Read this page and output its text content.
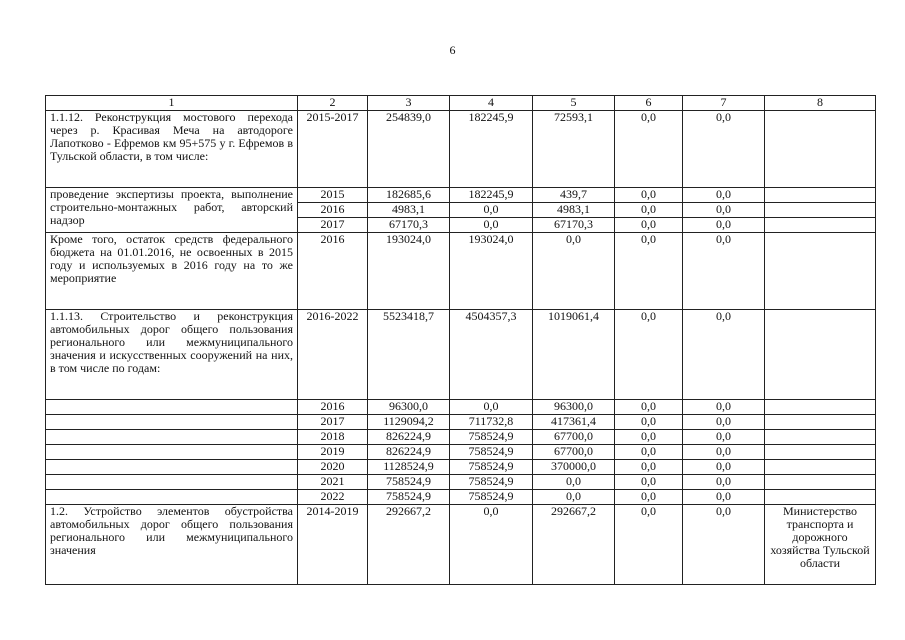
6
1	2	3	4	5	6	7	8
1.1.12. Реконструкция мостового перехода через р. Красивая Меча на автодороге Лапотково - Ефремов км 95+575 у г. Ефремов в Тульской области, в том числе:	2015-2017	254839,0	182245,9	72593,1	0,0	0,0	
проведение экспертизы проекта, выполнение строительно-монтажных работ, авторский надзор	2015	182685,6	182245,9	439,7	0,0	0,0	
	2016	4983,1	0,0	4983,1	0,0	0,0	
	2017	67170,3	0,0	67170,3	0,0	0,0	
Кроме того, остаток средств федерального бюджета на 01.01.2016, не освоенных в 2015 году и используемых в 2016 году на то же мероприятие	2016	193024,0	193024,0	0,0	0,0	0,0	
1.1.13. Строительство и реконструкция автомобильных дорог общего пользования регионального или межмуниципального значения и искусственных сооружений на них, в том числе по годам:	2016-2022	5523418,7	4504357,3	1019061,4	0,0	0,0	
	2016	96300,0	0,0	96300,0	0,0	0,0	
	2017	1129094,2	711732,8	417361,4	0,0	0,0	
	2018	826224,9	758524,9	67700,0	0,0	0,0	
	2019	826224,9	758524,9	67700,0	0,0	0,0	
	2020	1128524,9	758524,9	370000,0	0,0	0,0	
	2021	758524,9	758524,9	0,0	0,0	0,0	
	2022	758524,9	758524,9	0,0	0,0	0,0	
1.2. Устройство элементов обустройства автомобильных дорог общего пользования регионального или межмуниципального значения	2014-2019	292667,2	0,0	292667,2	0,0	0,0	Министерство транспорта и дорожного хозяйства Тульской области
